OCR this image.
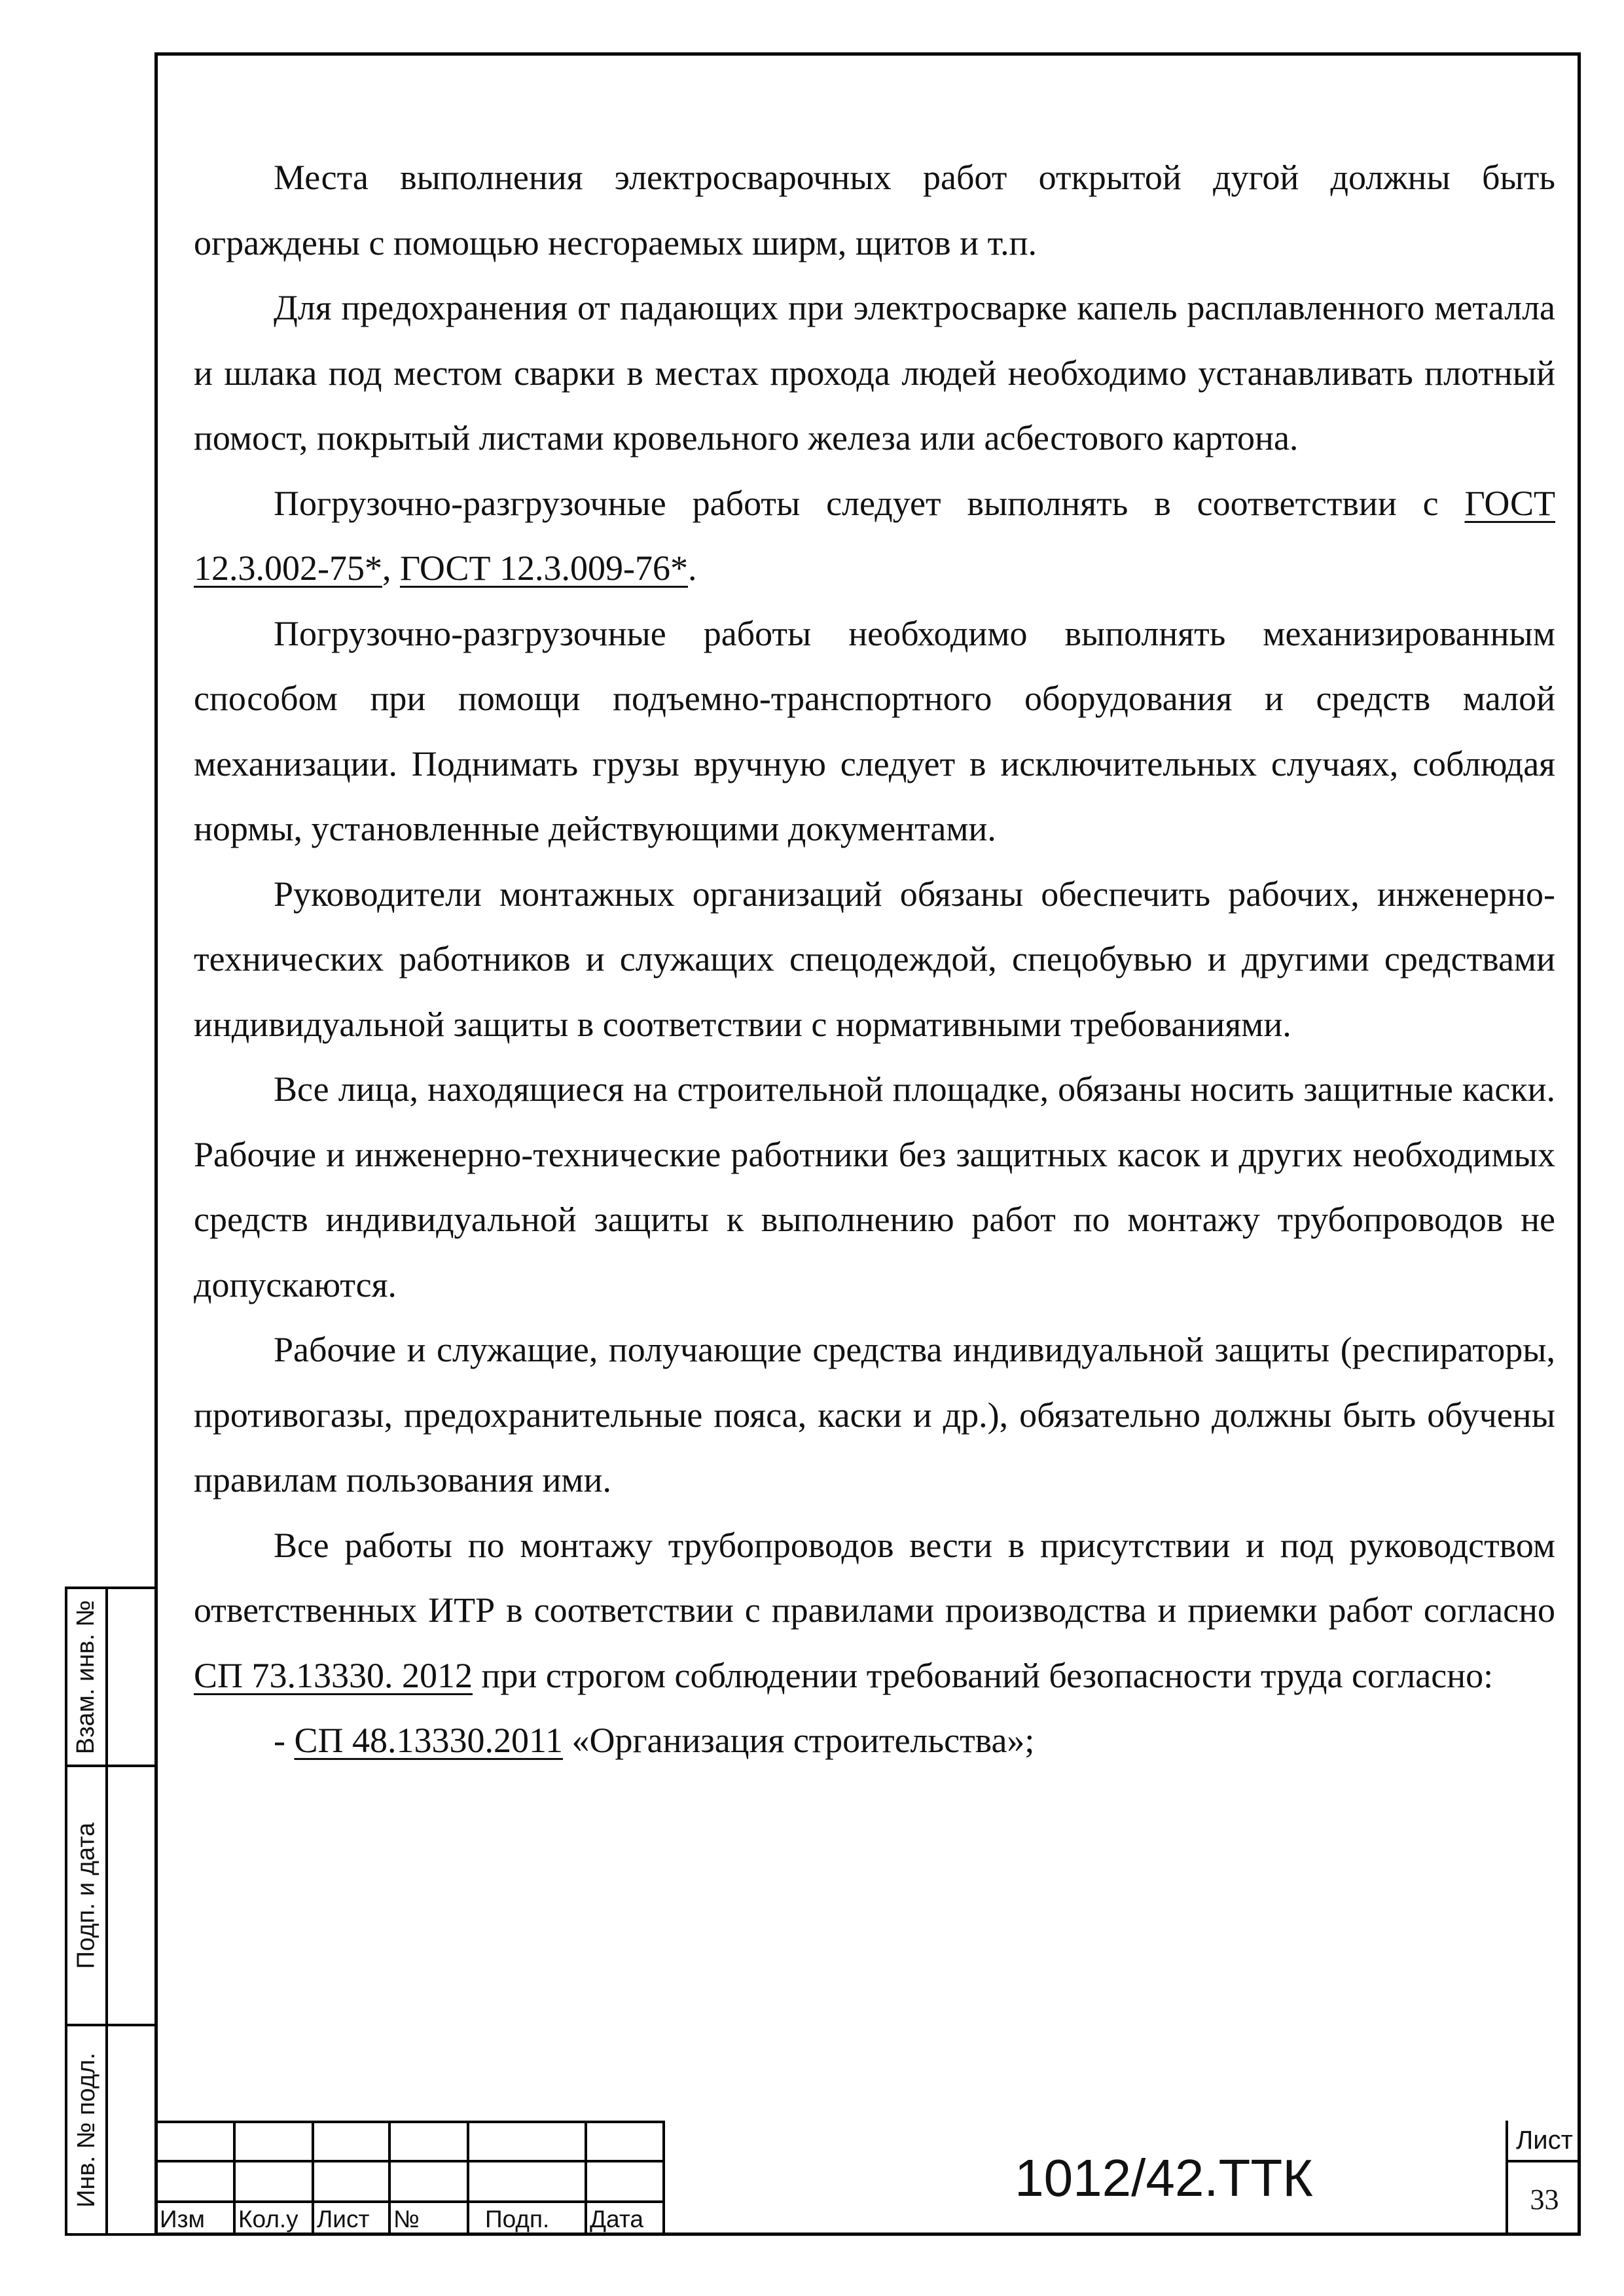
Места выполнения электросварочных работ открытой дугой должны быть ограждены с помощью несгораемых ширм, щитов и т.п.

Для предохранения от падающих при электросварке капель расплавленного металла и шлака под местом сварки в местах прохода людей необходимо устанавливать плотный помост, покрытый листами кровельного железа или асбестового картона.

Погрузочно-разгрузочные работы следует выполнять в соответствии с ГОСТ 12.3.002-75*, ГОСТ 12.3.009-76*.

Погрузочно-разгрузочные работы необходимо выполнять механизированным способом при помощи подъемно-транспортного оборудования и средств малой механизации. Поднимать грузы вручную следует в исключительных случаях, соблюдая нормы, установленные действующими документами.

Руководители монтажных организаций обязаны обеспечить рабочих, инженерно-технических работников и служащих спецодеждой, спецобувью и другими средствами индивидуальной защиты в соответствии с нормативными требованиями.

Все лица, находящиеся на строительной площадке, обязаны носить защитные каски. Рабочие и инженерно-технические работники без защитных касок и других необходимых средств индивидуальной защиты к выполнению работ по монтажу трубопроводов не допускаются.

Рабочие и служащие, получающие средства индивидуальной защиты (респираторы, противогазы, предохранительные пояса, каски и др.), обязательно должны быть обучены правилам пользования ими.

Все работы по монтажу трубопроводов вести в присутствии и под руководством ответственных ИТР в соответствии с правилами производства и приемки работ согласно СП 73.13330. 2012 при строгом соблюдении требований безопасности труда согласно:

- СП 48.13330.2011 «Организация строительства»;

Взам. инв. №
Подп. и дата
Инв. № подл.
Изм	Кол.у Лист №	Подп.	Дата
1012/42.ТТК
Лист
33
